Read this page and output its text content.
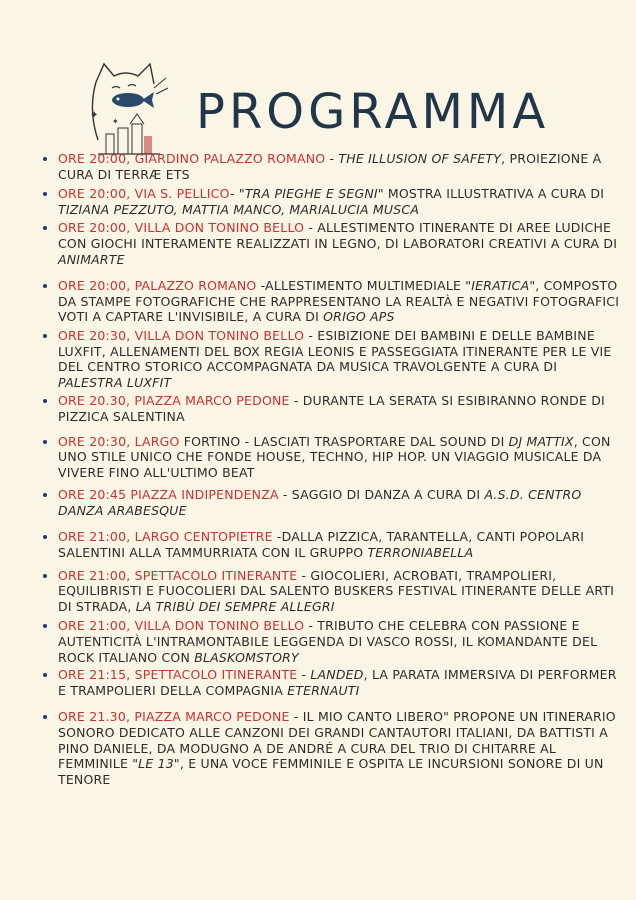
✦
✦ PROGRAMMA
ORE 20:00, GIARDINO PALAZZO ROMANO - THE ILLUSION OF SAFETY, PROIEZIONE A CURA DI TERRÆ ETS
ORE 20:00, VIA S. PELLICO- "TRA PIEGHE E SEGNI" MOSTRA ILLUSTRATIVA A CURA DI TIZIANA PEZZUTO, MATTIA MANCO, MARIALUCIA MUSCA
ORE 20:00, VILLA DON TONINO BELLO - ALLESTIMENTO ITINERANTE DI AREE LUDICHE CON GIOCHI INTERAMENTE REALIZZATI IN LEGNO, DI LABORATORI CREATIVI A CURA DI ANIMARTE
ORE 20:00, PALAZZO ROMANO -ALLESTIMENTO MULTIMEDIALE "IERATICA", COMPOSTO DA STAMPE FOTOGRAFICHE CHE RAPPRESENTANO LA REALTÀ E NEGATIVI FOTOGRAFICI VOTI A CAPTARE L'INVISIBILE, A CURA DI ORIGO APS
ORE 20:30, VILLA DON TONINO BELLO - ESIBIZIONE DEI BAMBINI E DELLE BAMBINE LUXFIT, ALLENAMENTI DEL BOX REGIA LEONIS E PASSEGGIATA ITINERANTE PER LE VIE DEL CENTRO STORICO ACCOMPAGNATA DA MUSICA TRAVOLGENTE A CURA DI PALESTRA LUXFIT
ORE 20.30, PIAZZA MARCO PEDONE - DURANTE LA SERATA SI ESIBIRANNO RONDE DI PIZZICA SALENTINA
ORE 20:30, LARGO FORTINO - LASCIATI TRASPORTARE DAL SOUND DI DJ MATTIX, CON UNO STILE UNICO CHE FONDE HOUSE, TECHNO, HIP HOP. UN VIAGGIO MUSICALE DA VIVERE FINO ALL'ULTIMO BEAT
ORE 20:45 PIAZZA INDIPENDENZA - SAGGIO DI DANZA A CURA DI A.S.D. CENTRO DANZA ARABESQUE
ORE 21:00, LARGO CENTOPIETRE -DALLA PIZZICA, TARANTELLA, CANTI POPOLARI SALENTINI ALLA TAMMURRIATA CON IL GRUPPO TERRONIABELLA
ORE 21:00, SPETTACOLO ITINERANTE - GIOCOLIERI, ACROBATI, TRAMPOLIERI, EQUILIBRISTI E FUOCOLIERI DAL SALENTO BUSKERS FESTIVAL ITINERANTE DELLE ARTI DI STRADA, LA TRIBÙ DEI SEMPRE ALLEGRI
ORE 21:00, VILLA DON TONINO BELLO - TRIBUTO CHE CELEBRA CON PASSIONE E AUTENTICITÀ L'INTRAMONTABILE LEGGENDA DI VASCO ROSSI, IL KOMANDANTE DEL ROCK ITALIANO CON BLASKOMSTORY
ORE 21:15, SPETTACOLO ITINERANTE - LANDED, LA PARATA IMMERSIVA DI PERFORMER E TRAMPOLIERI DELLA COMPAGNIA ETERNAUTI
ORE 21.30, PIAZZA MARCO PEDONE - IL MIO CANTO LIBERO" PROPONE UN ITINERARIO SONORO DEDICATO ALLE CANZONI DEI GRANDI CANTAUTORI ITALIANI, DA BATTISTI A PINO DANIELE, DA MODUGNO A DE ANDRÉ A CURA DEL TRIO DI CHITARRE AL FEMMINILE "LE 13", E UNA VOCE FEMMINILE E OSPITA LE INCURSIONI SONORE DI UN TENORE
